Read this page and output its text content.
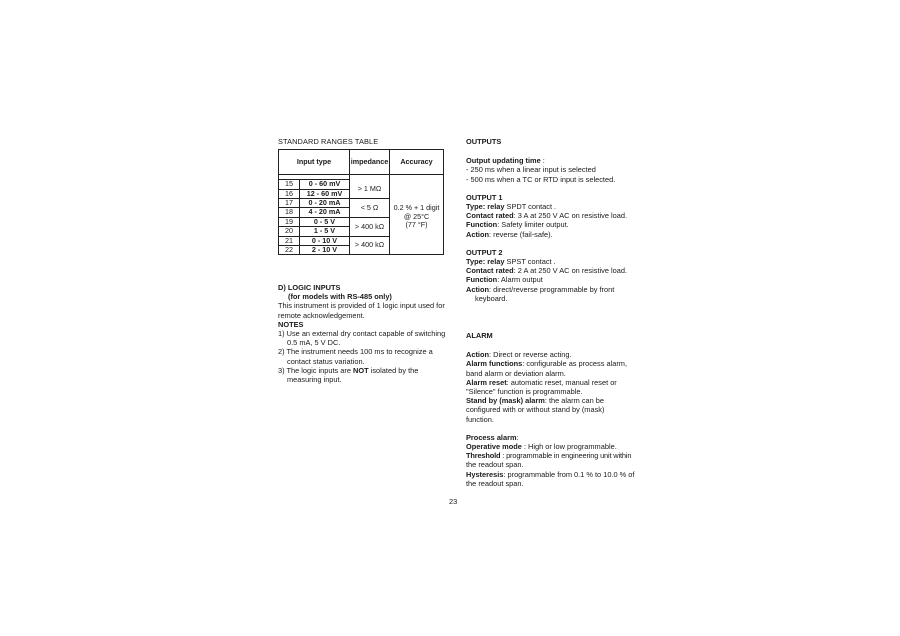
STANDARD RANGES TABLE
Input type		impedance	Accuracy

15	0 - 60 mV	> 1 MΩ	0.2 % + 1 digit
@ 25°C
(77 °F)

16	12 - 60 mV		
17	0 - 20 mA	< 5 Ω	
18	4 - 20 mA		
19	0 - 5 V	> 400 kΩ	
20	1 - 5 V		
21	0 - 10 V	> 400 kΩ	
22	2 - 10 V		

D) LOGIC INPUTS

(for models with RS-485 only)

This instrument is provided of 1 logic input used for remote acknowledgement.

NOTES

1) Use an external dry contact capable of switching 0.5 mA, 5 V DC.

2) The instrument needs 100 ms to recognize a contact status variation.

3) The logic inputs are NOT isolated by the measuring input.

OUTPUTS

Output updating time :

- 250 ms when a linear input is selected

- 500 ms when a TC or RTD input is selected.

OUTPUT 1

Type: relay SPDT contact .

Contact rated: 3 A at 250 V AC on resistive load.

Function: Safety limiter output.

Action: reverse (fail-safe).

OUTPUT 2

Type: relay SPST contact .

Contact rated: 2 A at 250 V AC on resistive load.

Function: Alarm output

Action: direct/reverse programmable by front

keyboard.

ALARM

Action: Direct or reverse acting.

Alarm functions: configurable as process alarm,

band alarm or deviation alarm.

Alarm reset: automatic reset, manual reset or

"Silence" function is programmable.

Stand by (mask) alarm: the alarm can be

configured with or without stand by (mask)

function.

Process alarm:

Operative mode : High or low programmable.

Threshold : programmable in engineering unit within

the readout span.

Hysteresis: programmable from 0.1 % to 10.0 % of

the readout span.

23
